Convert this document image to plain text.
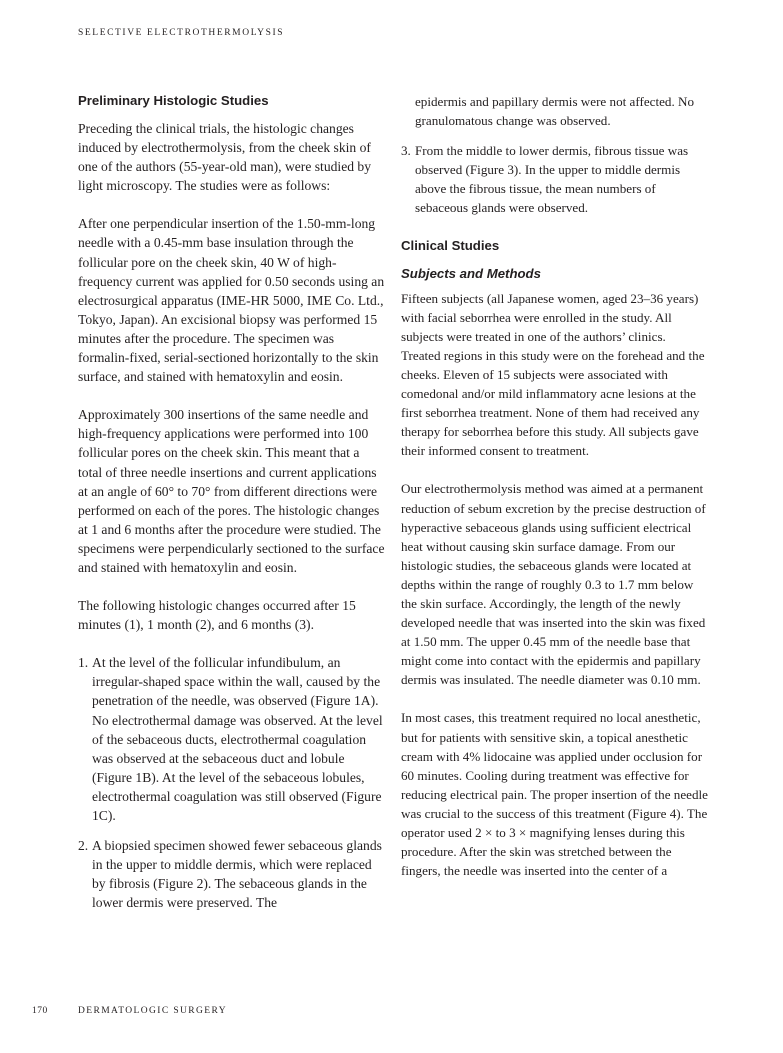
SELECTIVE ELECTROTHERMOLYSIS
Preliminary Histologic Studies

Preceding the clinical trials, the histologic changes induced by electrothermolysis, from the cheek skin of one of the authors (55-year-old man), were studied by light microscopy. The studies were as follows:

After one perpendicular insertion of the 1.50-mm-long needle with a 0.45-mm base insulation through the follicular pore on the cheek skin, 40 W of high-frequency current was applied for 0.50 seconds using an electrosurgical apparatus (IME-HR 5000, IME Co. Ltd., Tokyo, Japan). An excisional biopsy was performed 15 minutes after the procedure. The specimen was formalin-fixed, serial-sectioned horizontally to the skin surface, and stained with hematoxylin and eosin.

Approximately 300 insertions of the same needle and high-frequency applications were performed into 100 follicular pores on the cheek skin. This meant that a total of three needle insertions and current applications at an angle of 60° to 70° from different directions were performed on each of the pores. The histologic changes at 1 and 6 months after the procedure were studied. The specimens were perpendicularly sectioned to the surface and stained with hematoxylin and eosin.

The following histologic changes occurred after 15 minutes (1), 1 month (2), and 6 months (3).

1. At the level of the follicular infundibulum, an irregular-shaped space within the wall, caused by the penetration of the needle, was observed (Figure 1A). No electrothermal damage was observed. At the level of the sebaceous ducts, electrothermal coagulation was observed at the sebaceous duct and lobule (Figure 1B). At the level of the sebaceous lobules, electrothermal coagulation was still observed (Figure 1C).
2. A biopsied specimen showed fewer sebaceous glands in the upper to middle dermis, which were replaced by fibrosis (Figure 2). The sebaceous glands in the lower dermis were preserved. The

epidermis and papillary dermis were not affected. No granulomatous change was observed.

3. From the middle to lower dermis, fibrous tissue was observed (Figure 3). In the upper to middle dermis above the fibrous tissue, the mean numbers of sebaceous glands were observed.
Clinical Studies
Subjects and Methods

Fifteen subjects (all Japanese women, aged 23–36 years) with facial seborrhea were enrolled in the study. All subjects were treated in one of the authors’ clinics. Treated regions in this study were on the forehead and the cheeks. Eleven of 15 subjects were associated with comedonal and/or mild inflammatory acne lesions at the first seborrhea treatment. None of them had received any therapy for seborrhea before this study. All subjects gave their informed consent to treatment.

Our electrothermolysis method was aimed at a permanent reduction of sebum excretion by the precise destruction of hyperactive sebaceous glands using sufficient electrical heat without causing skin surface damage. From our histologic studies, the sebaceous glands were located at depths within the range of roughly 0.3 to 1.7 mm below the skin surface. Accordingly, the length of the newly developed needle that was inserted into the skin was fixed at 1.50 mm. The upper 0.45 mm of the needle base that might come into contact with the epidermis and papillary dermis was insulated. The needle diameter was 0.10 mm.

In most cases, this treatment required no local anesthetic, but for patients with sensitive skin, a topical anesthetic cream with 4% lidocaine was applied under occlusion for 60 minutes. Cooling during treatment was effective for reducing electrical pain. The proper insertion of the needle was crucial to the success of this treatment (Figure 4). The operator used 2 × to 3 × magnifying lenses during this procedure. After the skin was stretched between the fingers, the needle was inserted into the center of a

170	DERMATOLOGIC SURGERY
